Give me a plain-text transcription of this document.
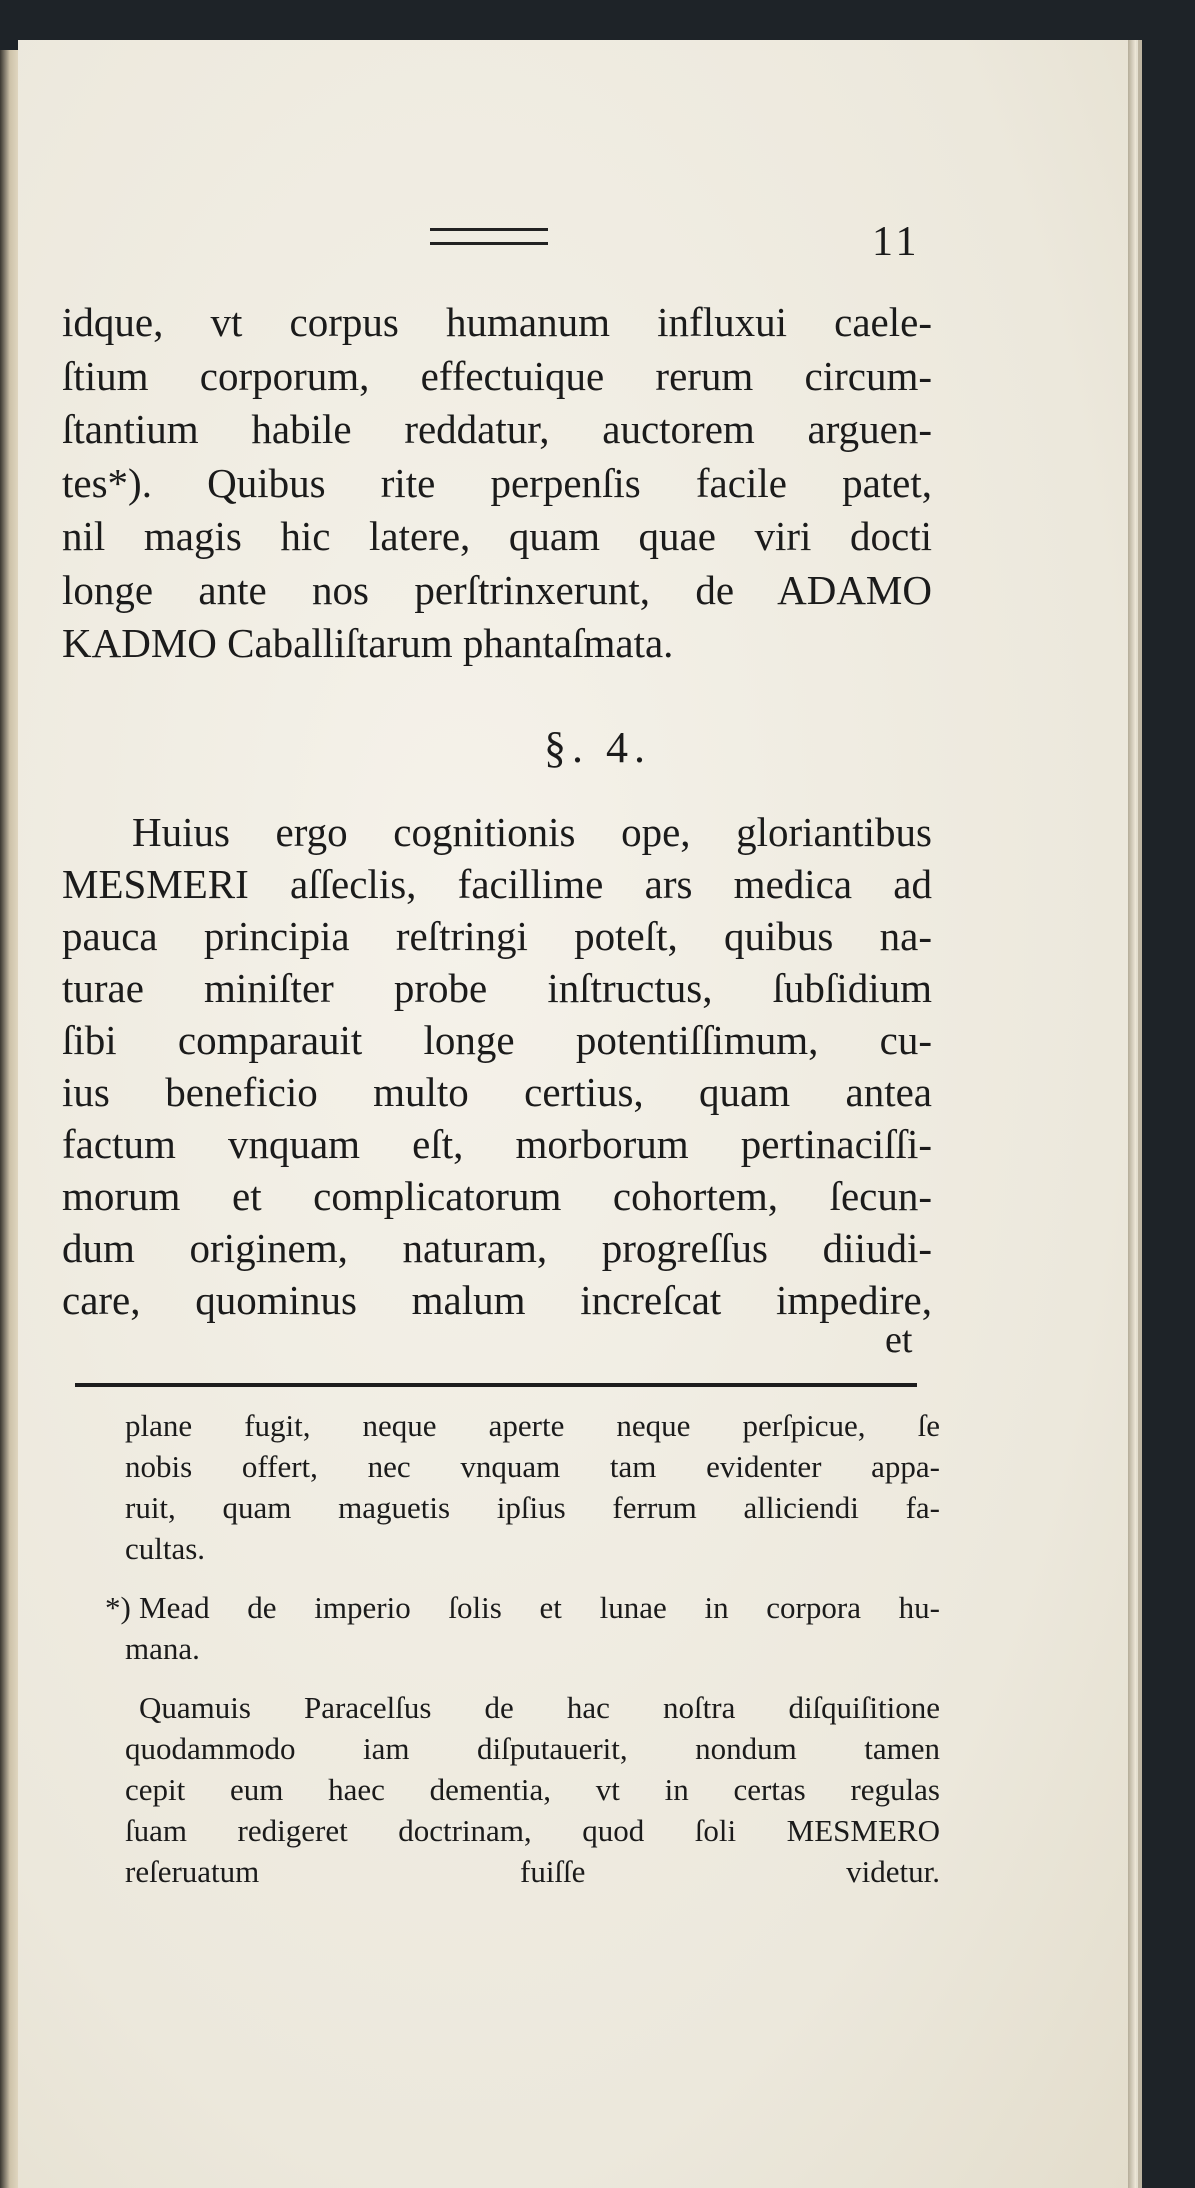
11
idque, vt corpus humanum influxui caele-
ſtium corporum, effectuique rerum circum-
ſtantium habile reddatur, auctorem arguen-
tes*). Quibus rite perpenſis facile patet,
nil magis hic latere, quam quae viri docti
longe ante nos perſtrinxerunt, de ADAMO
KADMO Caballiſtarum phantaſmata.
§. 4.
Huius ergo cognitionis ope, gloriantibus
MESMERI aſſeclis, facillime ars medica ad
pauca principia reſtringi poteſt, quibus na-
turae miniſter probe inſtructus, ſubſidium
ſibi comparauit longe potentiſſimum, cu-
ius beneficio multo certius, quam antea
factum vnquam eſt, morborum pertinaciſſi-
morum et complicatorum cohortem, ſecun-
dum originem, naturam, progreſſus diiudi-
care, quominus malum increſcat impedire,
et
plane fugit, neque aperte neque perſpicue, ſe
nobis offert, nec vnquam tam evidenter appa-
ruit, quam maguetis ipſius ferrum alliciendi fa-
cultas.
*) Mead de imperio ſolis et lunae in corpora hu-
mana.
Quamuis Paracelſus de hac noſtra diſquiſitione
quodammodo iam diſputauerit, nondum tamen
cepit eum haec dementia, vt in certas regulas
ſuam redigeret doctrinam, quod ſoli MESMERO
reſeruatum fuiſſe videtur.
